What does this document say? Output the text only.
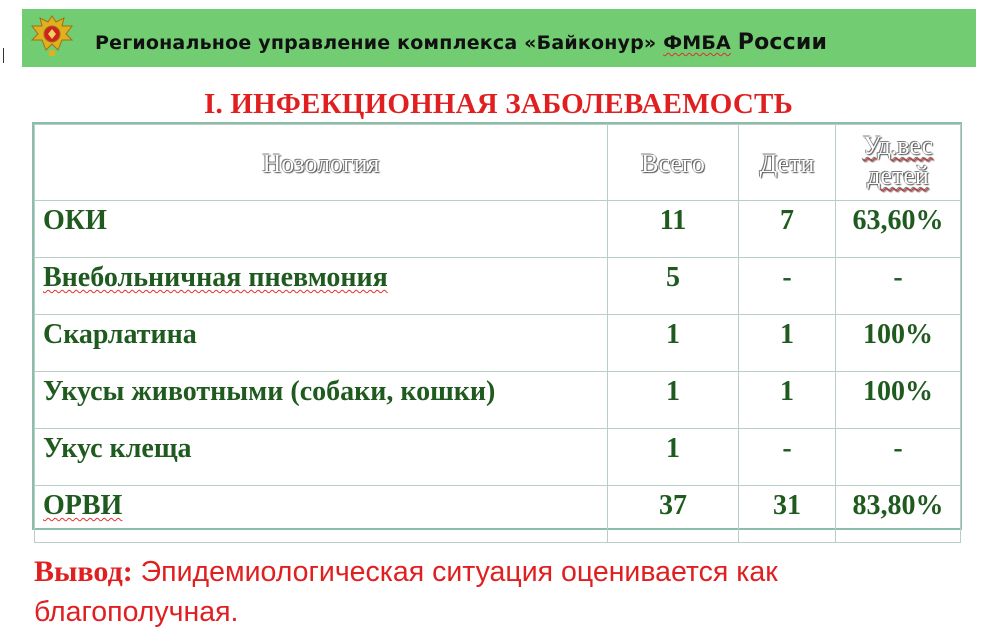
Региональное управление комплекса «Байконур» ФМБА России
I. ИНФЕКЦИОННАЯ ЗАБОЛЕВАЕМОСТЬ
Нозология	Всего	Дети	Уд.вес
детей
ОКИ	11	7	63,60%
Внебольничная пневмония	5	-	-
Скарлатина	1	1	100%
Укусы животными (собаки, кошки)	1	1	100%
Укус клеща	1	-	-
ОРВИ	37	31	83,80%
Вывод: Эпидемиологическая ситуация оценивается как благополучная.
